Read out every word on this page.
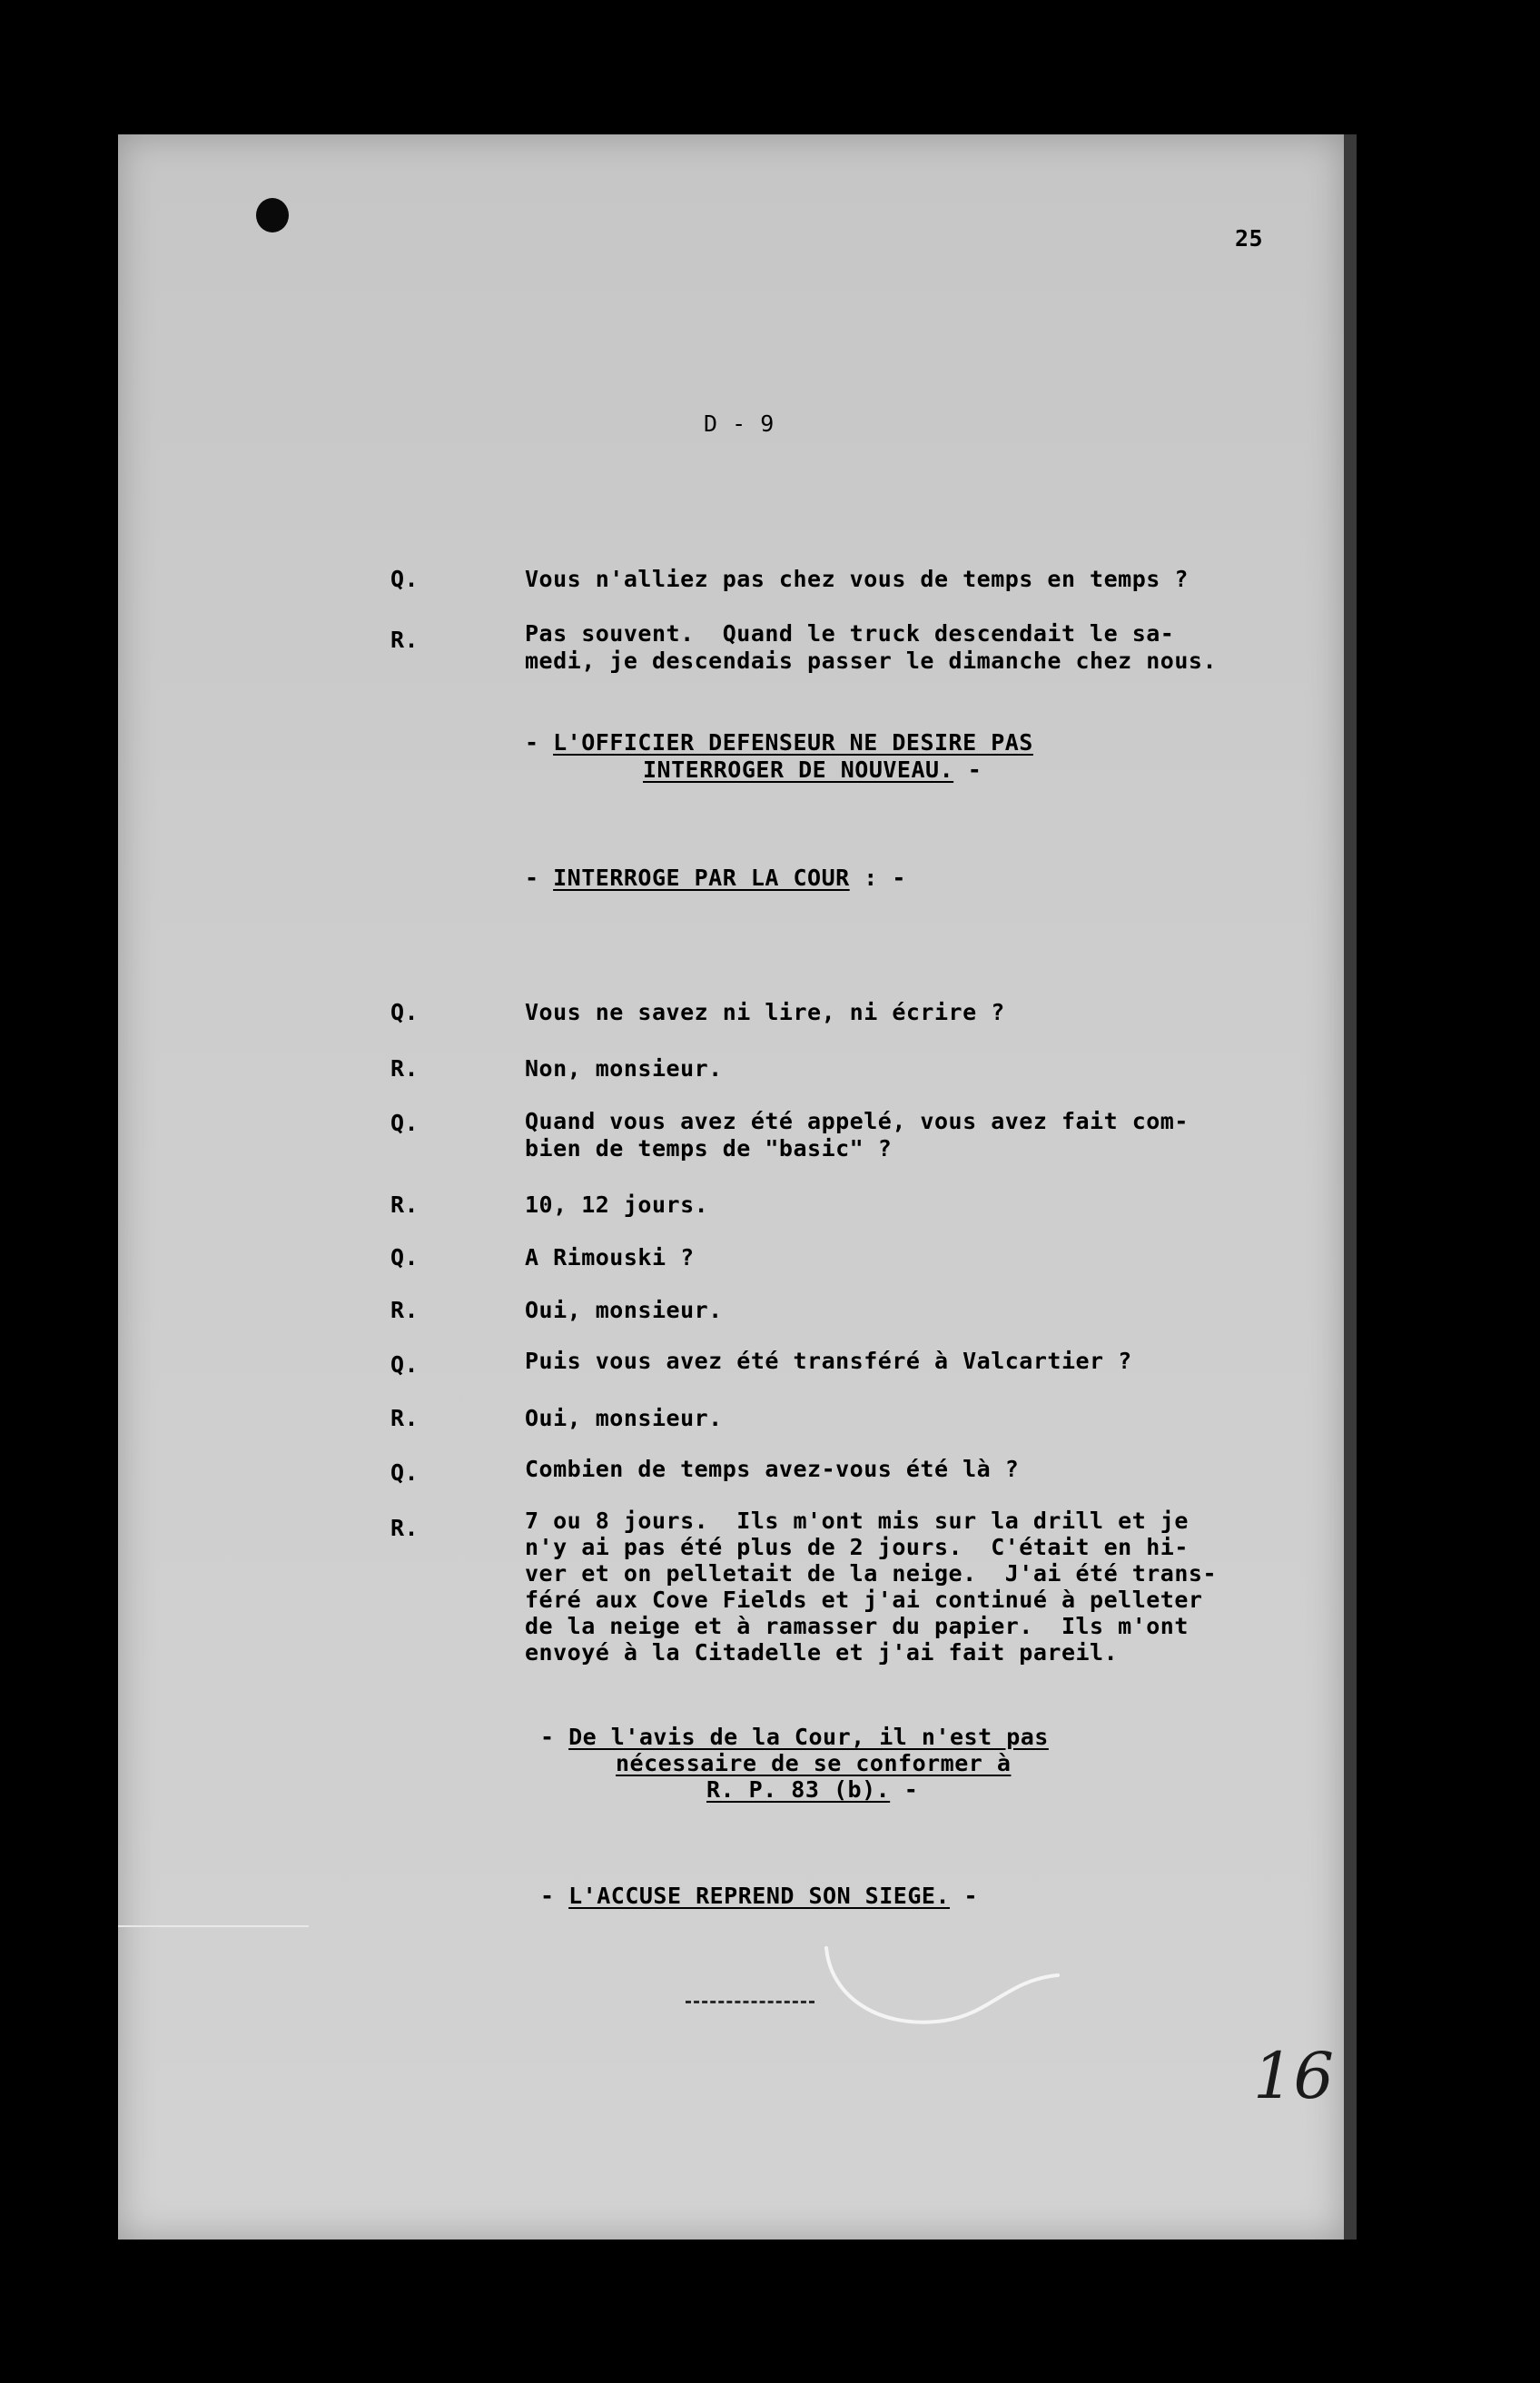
25
D - 9
Q.	Vous n'alliez pas chez vous de temps en temps ?
R.	Pas souvent.  Quand le truck descendait le sa-
medi, je descendais passer le dimanche chez nous.
- L'OFFICIER DEFENSEUR NE DESIRE PAS
INTERROGER DE NOUVEAU. -
- INTERROGE PAR LA COUR : -
Q.	Vous ne savez ni lire, ni écrire ?
R.	Non, monsieur.
Q.	Quand vous avez été appelé, vous avez fait com-
bien de temps de "basic" ?
R.	10, 12 jours.
Q.	A Rimouski ?
R.	Oui, monsieur.
Q.	Puis vous avez été transféré à Valcartier ?
R.	Oui, monsieur.
Q.	Combien de temps avez-vous été là ?
R.	7 ou 8 jours.  Ils m'ont mis sur la drill et je
n'y ai pas été plus de 2 jours.  C'était en hi-
ver et on pelletait de la neige.  J'ai été trans-
féré aux Cove Fields et j'ai continué à pelleter
de la neige et à ramasser du papier.  Ils m'ont
envoyé à la Citadelle et j'ai fait pareil.
- De l'avis de la Cour, il n'est pas
nécessaire de se conformer à
R. P. 83 (b). -
- L'ACCUSE REPREND SON SIEGE. -
16
